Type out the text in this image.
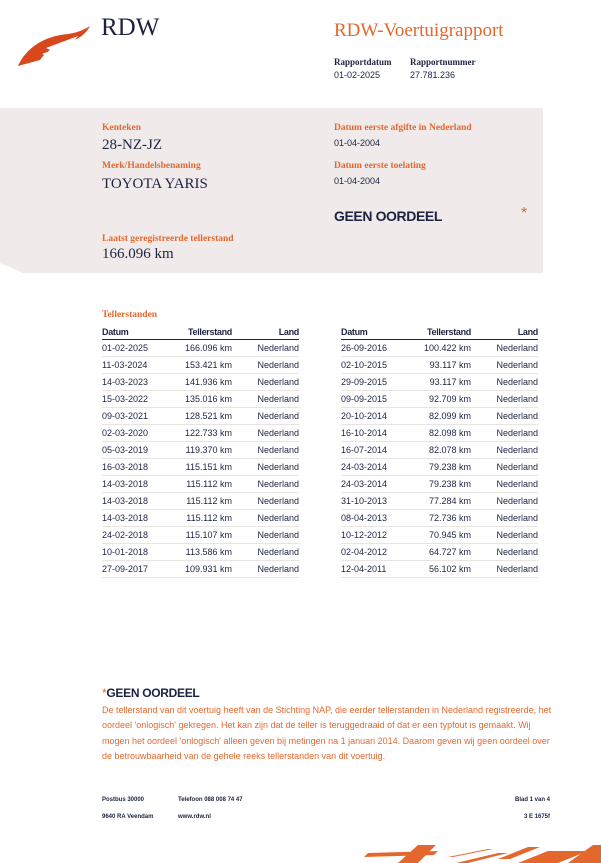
RDW	RDW-Voertuigrapport
Rapportdatum
01-02-2025
Rapportnummer
27.781.236
Kenteken
28-NZ-JZ
Merk/Handelsbenaming
TOYOTA YARIS
Datum eerste afgifte in Nederland
01-04-2004
Datum eerste toelating
01-04-2004
GEEN OORDEEL	*
Laatst geregistreerde tellerstand
166.096 km
Tellerstanden
Datum	Tellerstand	Land
01-02-2025	166.096 km	Nederland
11-03-2024	153.421 km	Nederland
14-03-2023	141.936 km	Nederland
15-03-2022	135.016 km	Nederland
09-03-2021	128.521 km	Nederland
02-03-2020	122.733 km	Nederland
05-03-2019	119.370 km	Nederland
16-03-2018	115.151 km	Nederland
14-03-2018	115.112 km	Nederland
14-03-2018	115.112 km	Nederland
14-03-2018	115.112 km	Nederland
24-02-2018	115.107 km	Nederland
10-01-2018	113.586 km	Nederland
27-09-2017	109.931 km	Nederland
Datum	Tellerstand	Land
26-09-2016	100.422 km	Nederland
02-10-2015	93.117 km	Nederland
29-09-2015	93.117 km	Nederland
09-09-2015	92.709 km	Nederland
20-10-2014	82.099 km	Nederland
16-10-2014	82.098 km	Nederland
16-07-2014	82.078 km	Nederland
24-03-2014	79.238 km	Nederland
24-03-2014	79.238 km	Nederland
31-10-2013	77.284 km	Nederland
08-04-2013	72.736 km	Nederland
10-12-2012	70.945 km	Nederland
02-04-2012	64.727 km	Nederland
12-04-2011	56.102 km	Nederland
*GEEN OORDEEL
De tellerstand van dit voertuig heeft van de Stichting NAP, die eerder tellerstanden in Nederland registreerde, het oordeel 'onlogisch' gekregen. Het kan zijn dat de teller is teruggedraaid of dat er een typfout is gemaakt. Wij mogen het oordeel 'onlogisch' alleen geven bij metingen na 1 januari 2014. Daarom geven wij geen oordeel over de betrouwbaarheid van de gehele reeks tellerstanden van dit voertuig.
Postbus 30000
9640 RA Veendam
Telefoon 088 008 74 47
www.rdw.nl
Blad 1 van 4
3 E 1675f
